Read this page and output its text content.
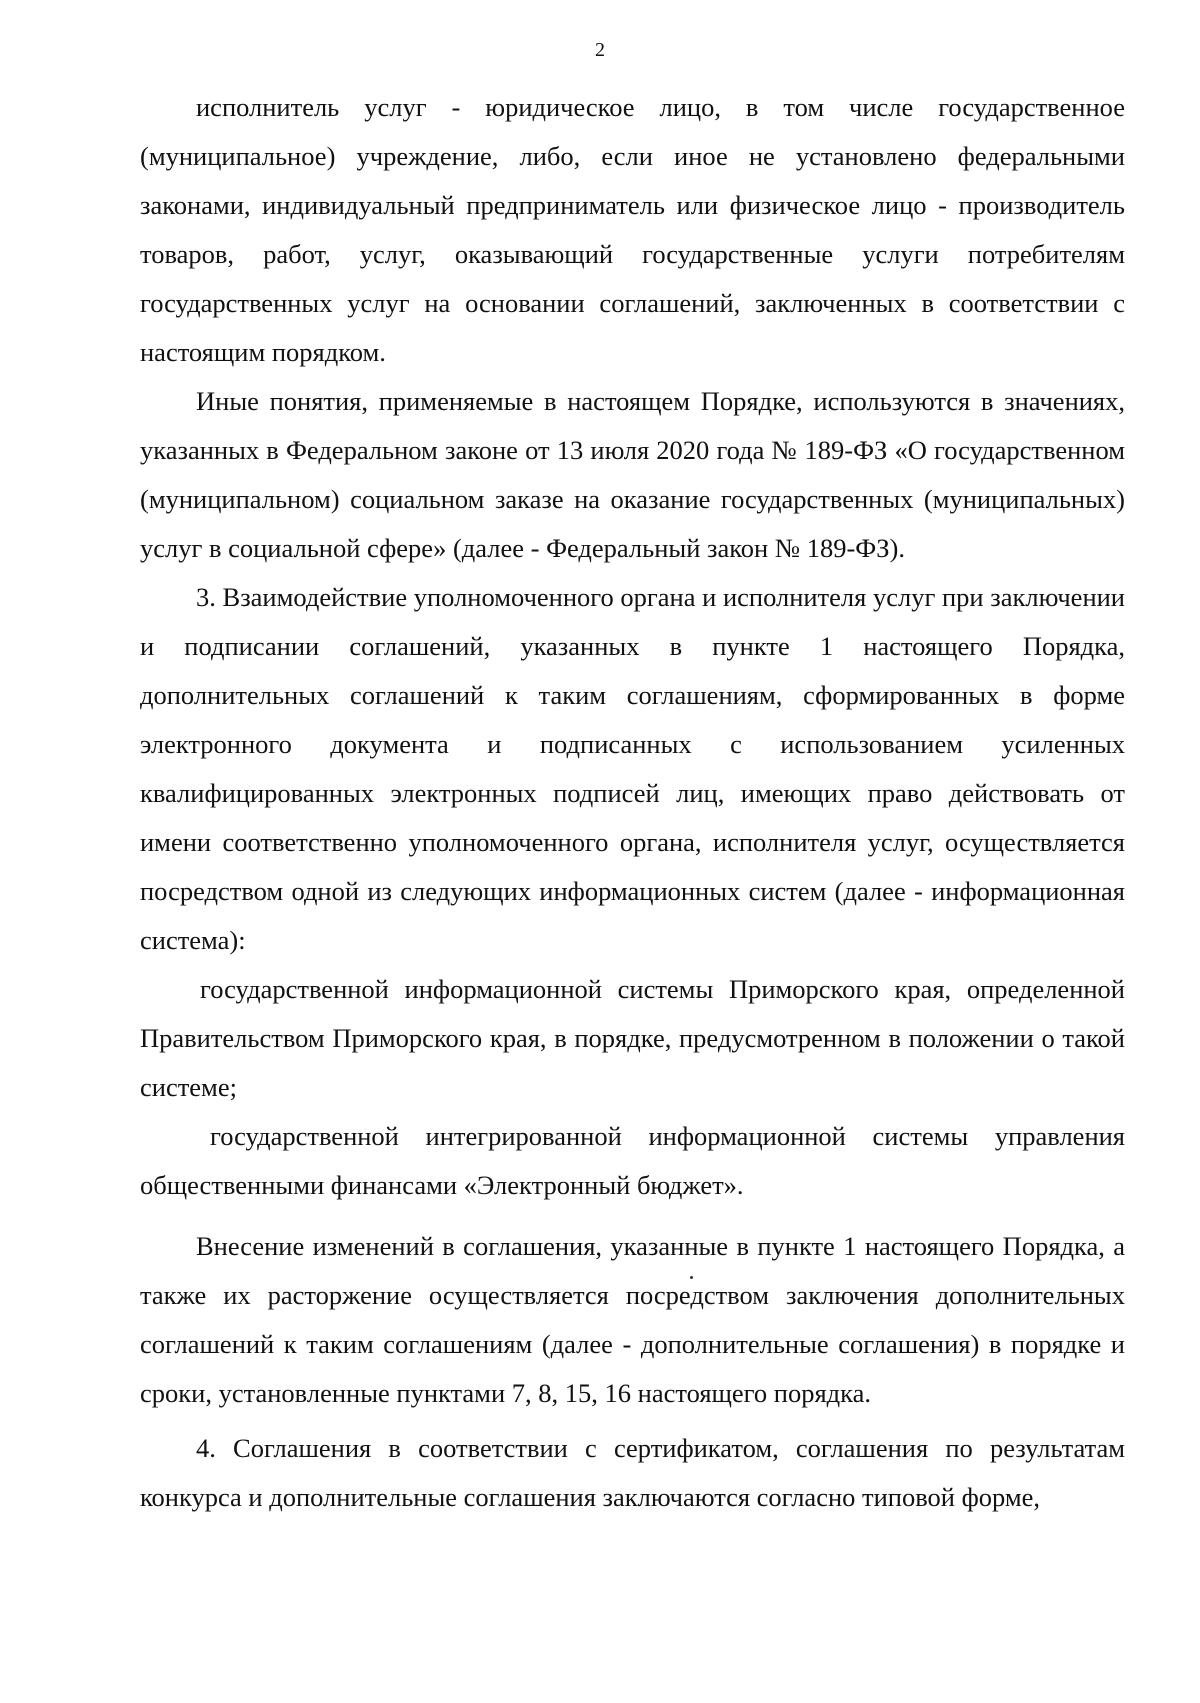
2

исполнитель услуг - юридическое лицо, в том числе государственное (муниципальное) учреждение, либо, если иное не установлено федеральными законами, индивидуальный предприниматель или физическое лицо - производитель товаров, работ, услуг, оказывающий государственные услуги потребителям государственных услуг на основании соглашений, заключенных в соответствии с настоящим порядком.

Иные понятия, применяемые в настоящем Порядке, используются в значениях, указанных в Федеральном законе от 13 июля 2020 года № 189-ФЗ «О государственном (муниципальном) социальном заказе на оказание государственных (муниципальных) услуг в социальной сфере» (далее - Федеральный закон № 189-ФЗ).

3. Взаимодействие уполномоченного органа и исполнителя услуг при заключении и подписании соглашений, указанных в пункте 1 настоящего Порядка, дополнительных соглашений к таким соглашениям, сформированных в форме электронного документа и подписанных с использованием усиленных квалифицированных электронных подписей лиц, имеющих право действовать от имени соответственно уполномоченного органа, исполнителя услуг, осуществляется посредством одной из следующих информационных систем (далее - информационная система):

государственной информационной системы Приморского края, определенной Правительством Приморского края, в порядке, предусмотренном в положении о такой системе;

государственной интегрированной информационной системы управления общественными финансами «Электронный бюджет».

Внесение изменений в соглашения, указанные в пункте 1 настоящего Порядка, а также их расторжение осуществляется посредством заключения дополнительных соглашений к таким соглашениям (далее - дополнительные соглашения) в порядке и сроки, установленные пунктами 7, 8, 15, 16 настоящего порядка.

4. Соглашения в соответствии с сертификатом, соглашения по результатам конкурса и дополнительные соглашения заключаются согласно типовой форме,
